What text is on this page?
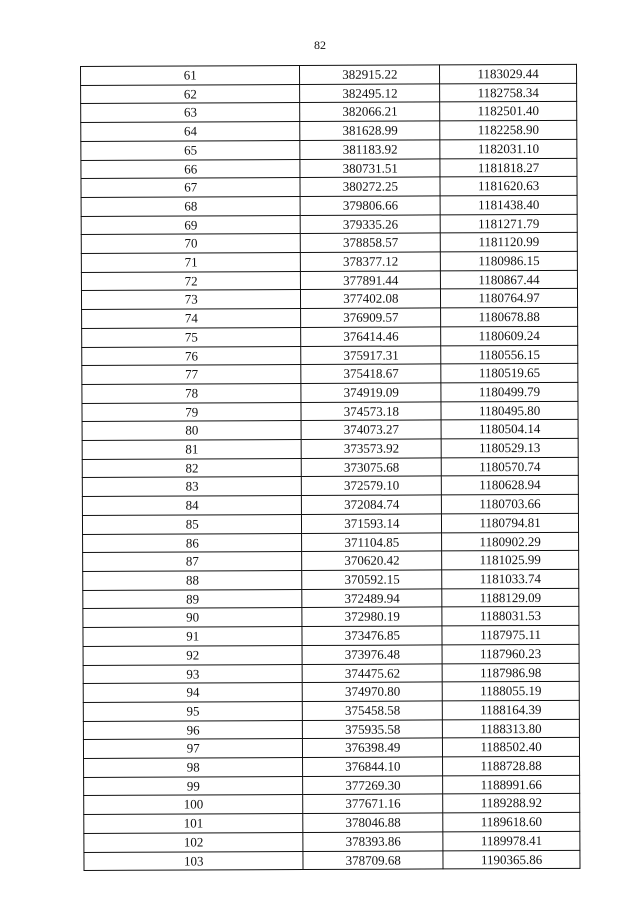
82
61	382915.22	1183029.44
62	382495.12	1182758.34
63	382066.21	1182501.40
64	381628.99	1182258.90
65	381183.92	1182031.10
66	380731.51	1181818.27
67	380272.25	1181620.63
68	379806.66	1181438.40
69	379335.26	1181271.79
70	378858.57	1181120.99
71	378377.12	1180986.15
72	377891.44	1180867.44
73	377402.08	1180764.97
74	376909.57	1180678.88
75	376414.46	1180609.24
76	375917.31	1180556.15
77	375418.67	1180519.65
78	374919.09	1180499.79
79	374573.18	1180495.80
80	374073.27	1180504.14
81	373573.92	1180529.13
82	373075.68	1180570.74
83	372579.10	1180628.94
84	372084.74	1180703.66
85	371593.14	1180794.81
86	371104.85	1180902.29
87	370620.42	1181025.99
88	370592.15	1181033.74
89	372489.94	1188129.09
90	372980.19	1188031.53
91	373476.85	1187975.11
92	373976.48	1187960.23
93	374475.62	1187986.98
94	374970.80	1188055.19
95	375458.58	1188164.39
96	375935.58	1188313.80
97	376398.49	1188502.40
98	376844.10	1188728.88
99	377269.30	1188991.66
100	377671.16	1189288.92
101	378046.88	1189618.60
102	378393.86	1189978.41
103	378709.68	1190365.86
